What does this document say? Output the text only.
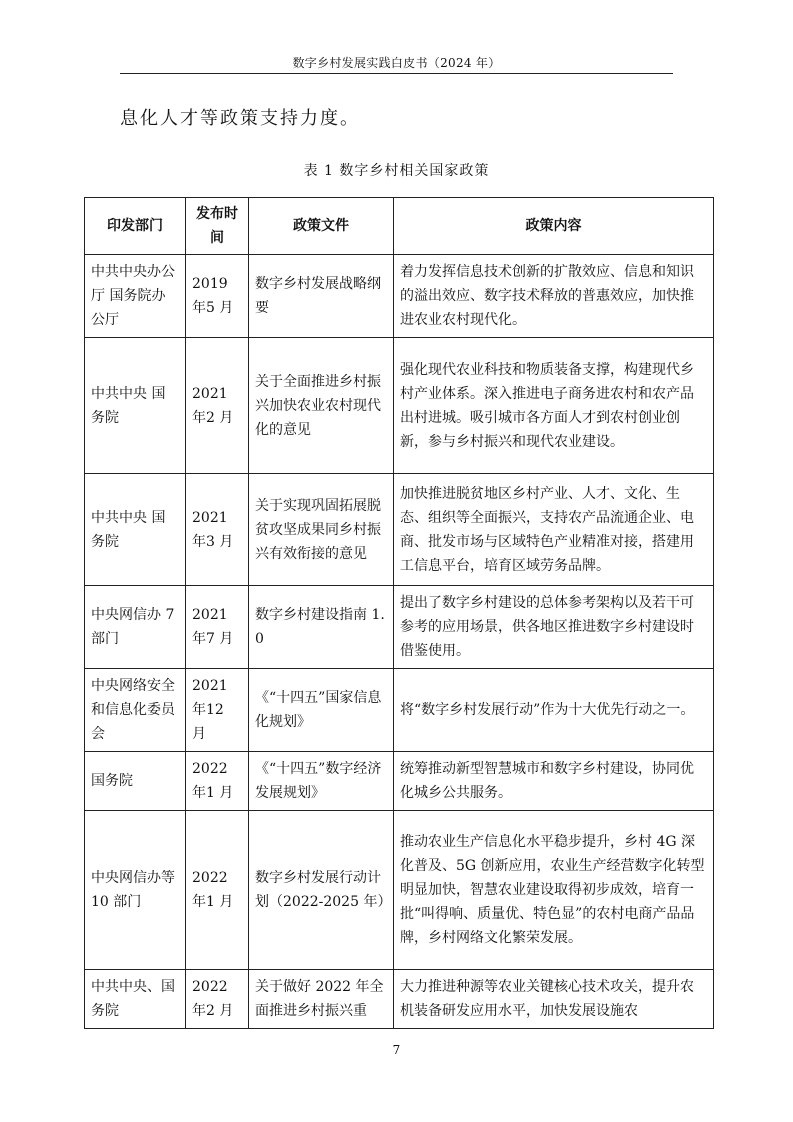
数字乡村发展实践白皮书（2024 年）
息化人才等政策支持力度。
表 1 数字乡村相关国家政策
印发部门	发布时间	政策文件	政策内容
中共中央办公厅 国务院办公厅	2019 年5 月	数字乡村发展战略纲要	着力发挥信息技术创新的扩散效应、信息和知识的溢出效应、数字技术释放的普惠效应，加快推进农业农村现代化。
中共中央 国务院	2021 年2 月	关于全面推进乡村振兴加快农业农村现代化的意见	强化现代农业科技和物质装备支撑，构建现代乡村产业体系。深入推进电子商务进农村和农产品出村进城。吸引城市各方面人才到农村创业创新，参与乡村振兴和现代农业建设。
中共中央 国务院	2021 年3 月	关于实现巩固拓展脱贫攻坚成果同乡村振兴有效衔接的意见	加快推进脱贫地区乡村产业、人才、文化、生态、组织等全面振兴，支持农产品流通企业、电商、批发市场与区域特色产业精准对接，搭建用工信息平台，培育区域劳务品牌。
中央网信办 7 部门	2021 年7 月	数字乡村建设指南 1.0	提出了数字乡村建设的总体参考架构以及若干可参考的应用场景，供各地区推进数字乡村建设时借鉴使用。
中央网络安全和信息化委员会	2021 年12 月	《“十四五”国家信息化规划》	将“数字乡村发展行动”作为十大优先行动之一。
国务院	2022 年1 月	《“十四五”数字经济发展规划》	统筹推动新型智慧城市和数字乡村建设，协同优化城乡公共服务。
中央网信办等 10 部门	2022 年1 月	数字乡村发展行动计划（2022-2025 年）	推动农业生产信息化水平稳步提升，乡村 4G 深化普及、5G 创新应用，农业生产经营数字化转型明显加快，智慧农业建设取得初步成效，培育一批“叫得响、质量优、特色显”的农村电商产品品牌，乡村网络文化繁荣发展。
中共中央、国务院	2022 年2 月	关于做好 2022 年全面推进乡村振兴重	大力推进种源等农业关键核心技术攻关，提升农机装备研发应用水平，加快发展设施农
7
